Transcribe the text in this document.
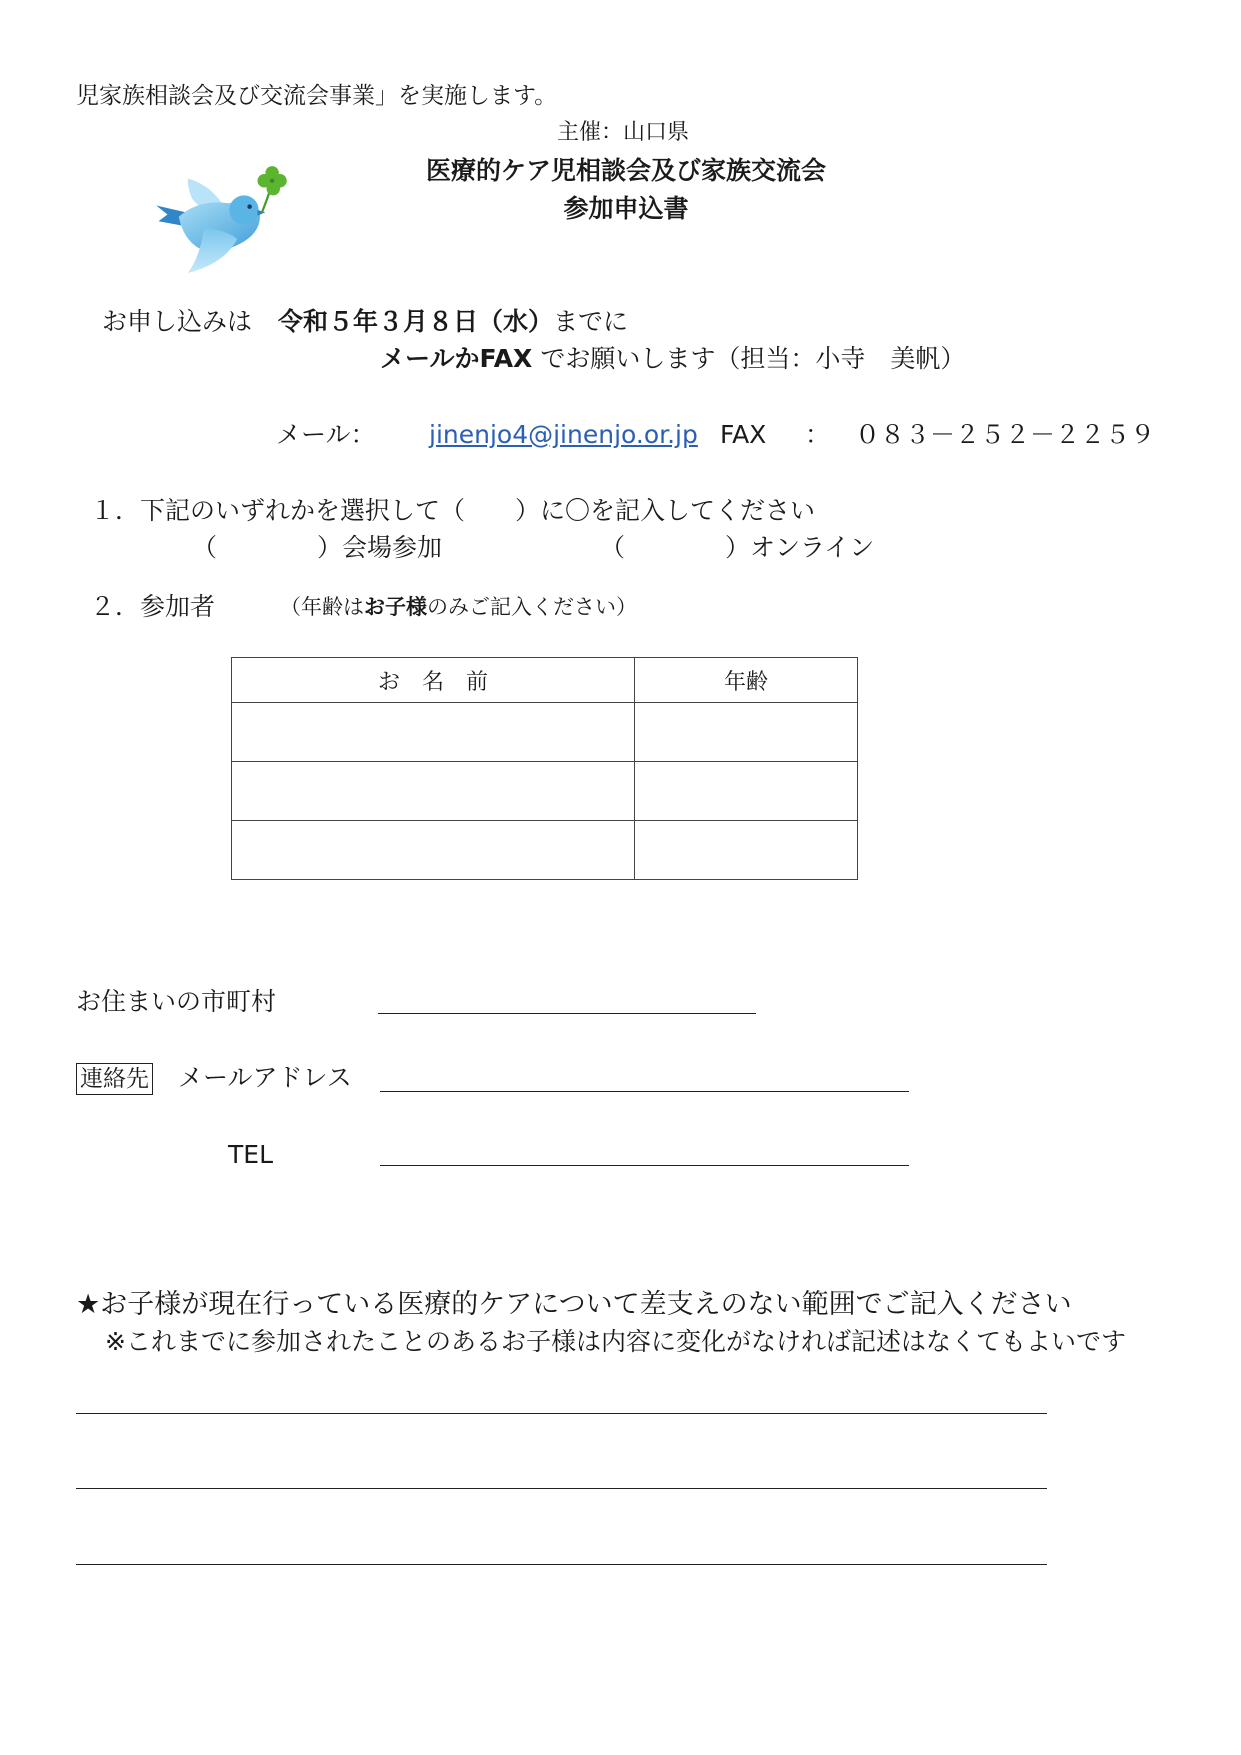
児家族相談会及び交流会事業」を実施します。
主催：山口県
医療的ケア児相談会及び家族交流会
参加申込書
お申し込みは 令和５年３月８日（水）までに
メールかFAX でお願いします（担当：小寺　美帆）
メール： jinenjo4@jinenjo.or.jp FAX ： ０８３－２５２－２２５９
１．下記のいずれかを選択して（　　）に〇を記入してください
（　　　　）会場参加	（　　　　）オンライン
２．参加者	（年齢はお子様のみご記入ください）
お　名　前	年齢

お住まいの市町村
連絡先 メールアドレス
TEL
★お子様が現在行っている医療的ケアについて差支えのない範囲でご記入ください
※これまでに参加されたことのあるお子様は内容に変化がなければ記述はなくてもよいです
